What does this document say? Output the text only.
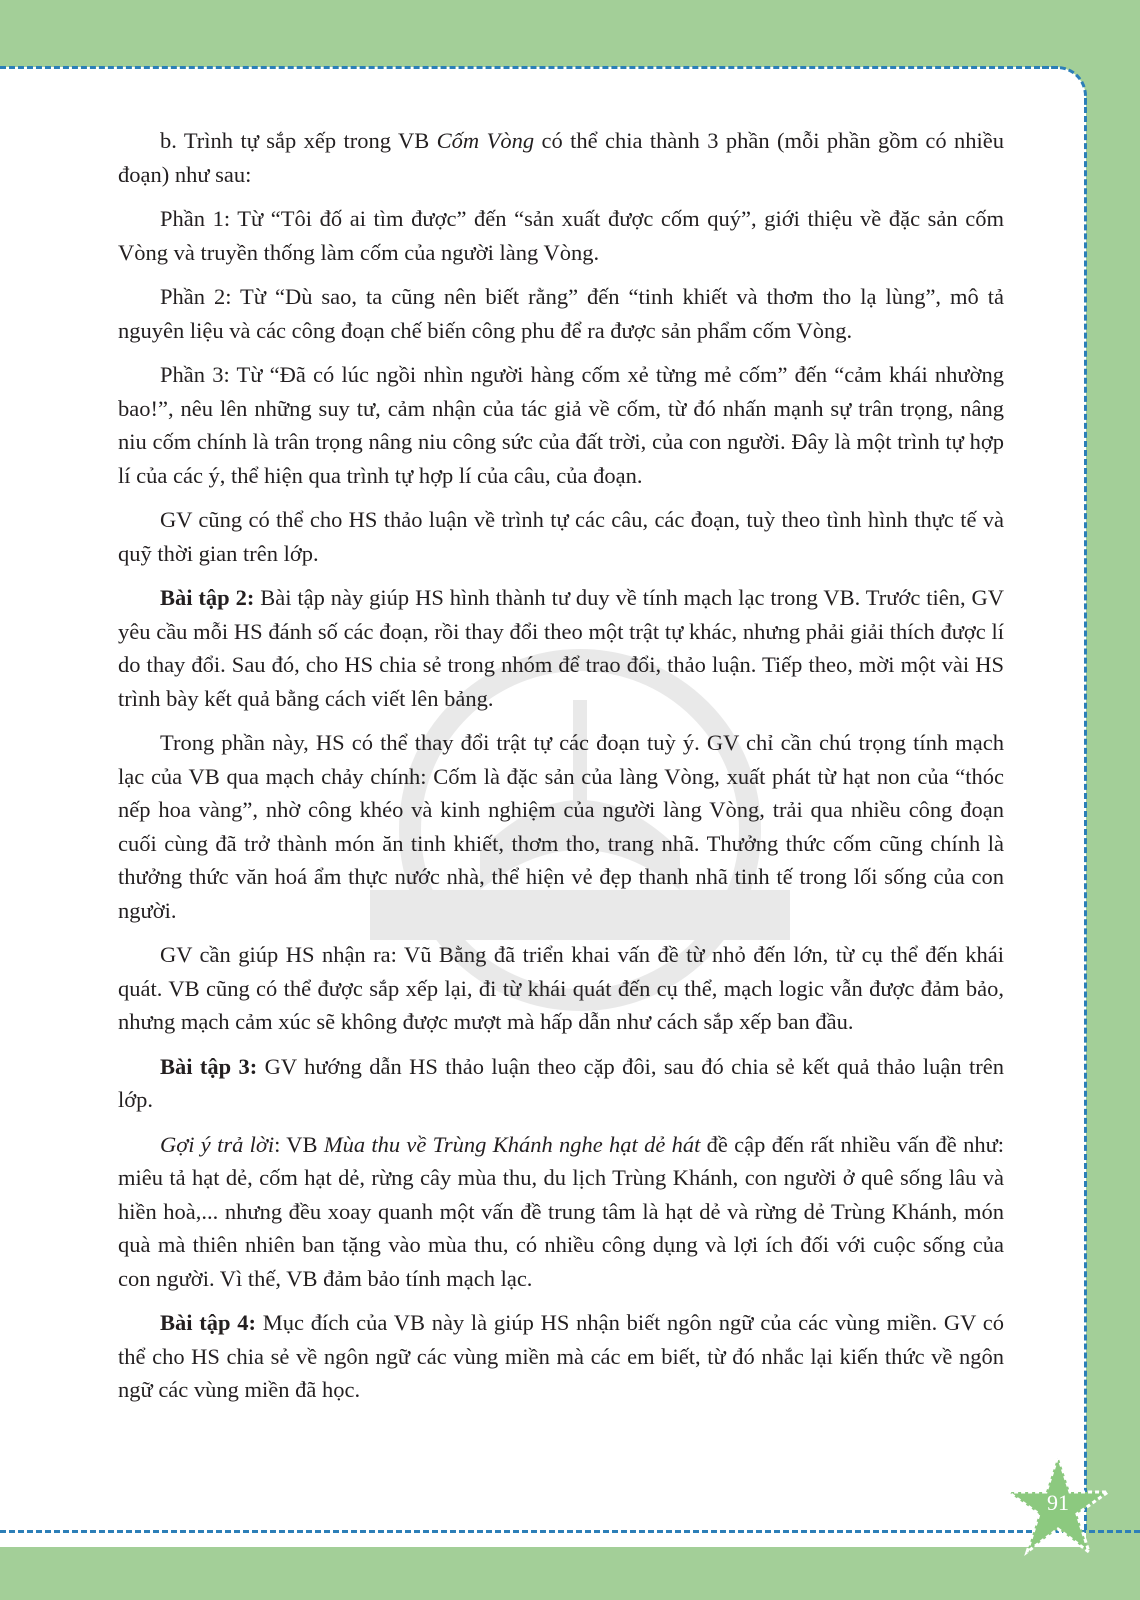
b. Trình tự sắp xếp trong VB Cốm Vòng có thể chia thành 3 phần (mỗi phần gồm có nhiều đoạn) như sau:

Phần 1: Từ “Tôi đố ai tìm được” đến “sản xuất được cốm quý”, giới thiệu về đặc sản cốm Vòng và truyền thống làm cốm của người làng Vòng.

Phần 2: Từ “Dù sao, ta cũng nên biết rằng” đến “tinh khiết và thơm tho lạ lùng”, mô tả nguyên liệu và các công đoạn chế biến công phu để ra được sản phẩm cốm Vòng.

Phần 3: Từ “Đã có lúc ngồi nhìn người hàng cốm xẻ từng mẻ cốm” đến “cảm khái nhường bao!”, nêu lên những suy tư, cảm nhận của tác giả về cốm, từ đó nhấn mạnh sự trân trọng, nâng niu cốm chính là trân trọng nâng niu công sức của đất trời, của con người. Đây là một trình tự hợp lí của các ý, thể hiện qua trình tự hợp lí của câu, của đoạn.

GV cũng có thể cho HS thảo luận về trình tự các câu, các đoạn, tuỳ theo tình hình thực tế và quỹ thời gian trên lớp.

Bài tập 2: Bài tập này giúp HS hình thành tư duy về tính mạch lạc trong VB. Trước tiên, GV yêu cầu mỗi HS đánh số các đoạn, rồi thay đổi theo một trật tự khác, nhưng phải giải thích được lí do thay đổi. Sau đó, cho HS chia sẻ trong nhóm để trao đổi, thảo luận. Tiếp theo, mời một vài HS trình bày kết quả bằng cách viết lên bảng.

Trong phần này, HS có thể thay đổi trật tự các đoạn tuỳ ý. GV chỉ cần chú trọng tính mạch lạc của VB qua mạch chảy chính: Cốm là đặc sản của làng Vòng, xuất phát từ hạt non của “thóc nếp hoa vàng”, nhờ công khéo và kinh nghiệm của người làng Vòng, trải qua nhiều công đoạn cuối cùng đã trở thành món ăn tinh khiết, thơm tho, trang nhã. Thưởng thức cốm cũng chính là thưởng thức văn hoá ẩm thực nước nhà, thể hiện vẻ đẹp thanh nhã tinh tế trong lối sống của con người.

GV cần giúp HS nhận ra: Vũ Bằng đã triển khai vấn đề từ nhỏ đến lớn, từ cụ thể đến khái quát. VB cũng có thể được sắp xếp lại, đi từ khái quát đến cụ thể, mạch logic vẫn được đảm bảo, nhưng mạch cảm xúc sẽ không được mượt mà hấp dẫn như cách sắp xếp ban đầu.

Bài tập 3: GV hướng dẫn HS thảo luận theo cặp đôi, sau đó chia sẻ kết quả thảo luận trên lớp.

Gợi ý trả lời: VB Mùa thu về Trùng Khánh nghe hạt dẻ hát đề cập đến rất nhiều vấn đề như: miêu tả hạt dẻ, cốm hạt dẻ, rừng cây mùa thu, du lịch Trùng Khánh, con người ở quê sống lâu và hiền hoà,... nhưng đều xoay quanh một vấn đề trung tâm là hạt dẻ và rừng dẻ Trùng Khánh, món quà mà thiên nhiên ban tặng vào mùa thu, có nhiều công dụng và lợi ích đối với cuộc sống của con người. Vì thế, VB đảm bảo tính mạch lạc.

Bài tập 4: Mục đích của VB này là giúp HS nhận biết ngôn ngữ của các vùng miền. GV có thể cho HS chia sẻ về ngôn ngữ các vùng miền mà các em biết, từ đó nhắc lại kiến thức về ngôn ngữ các vùng miền đã học.

91
